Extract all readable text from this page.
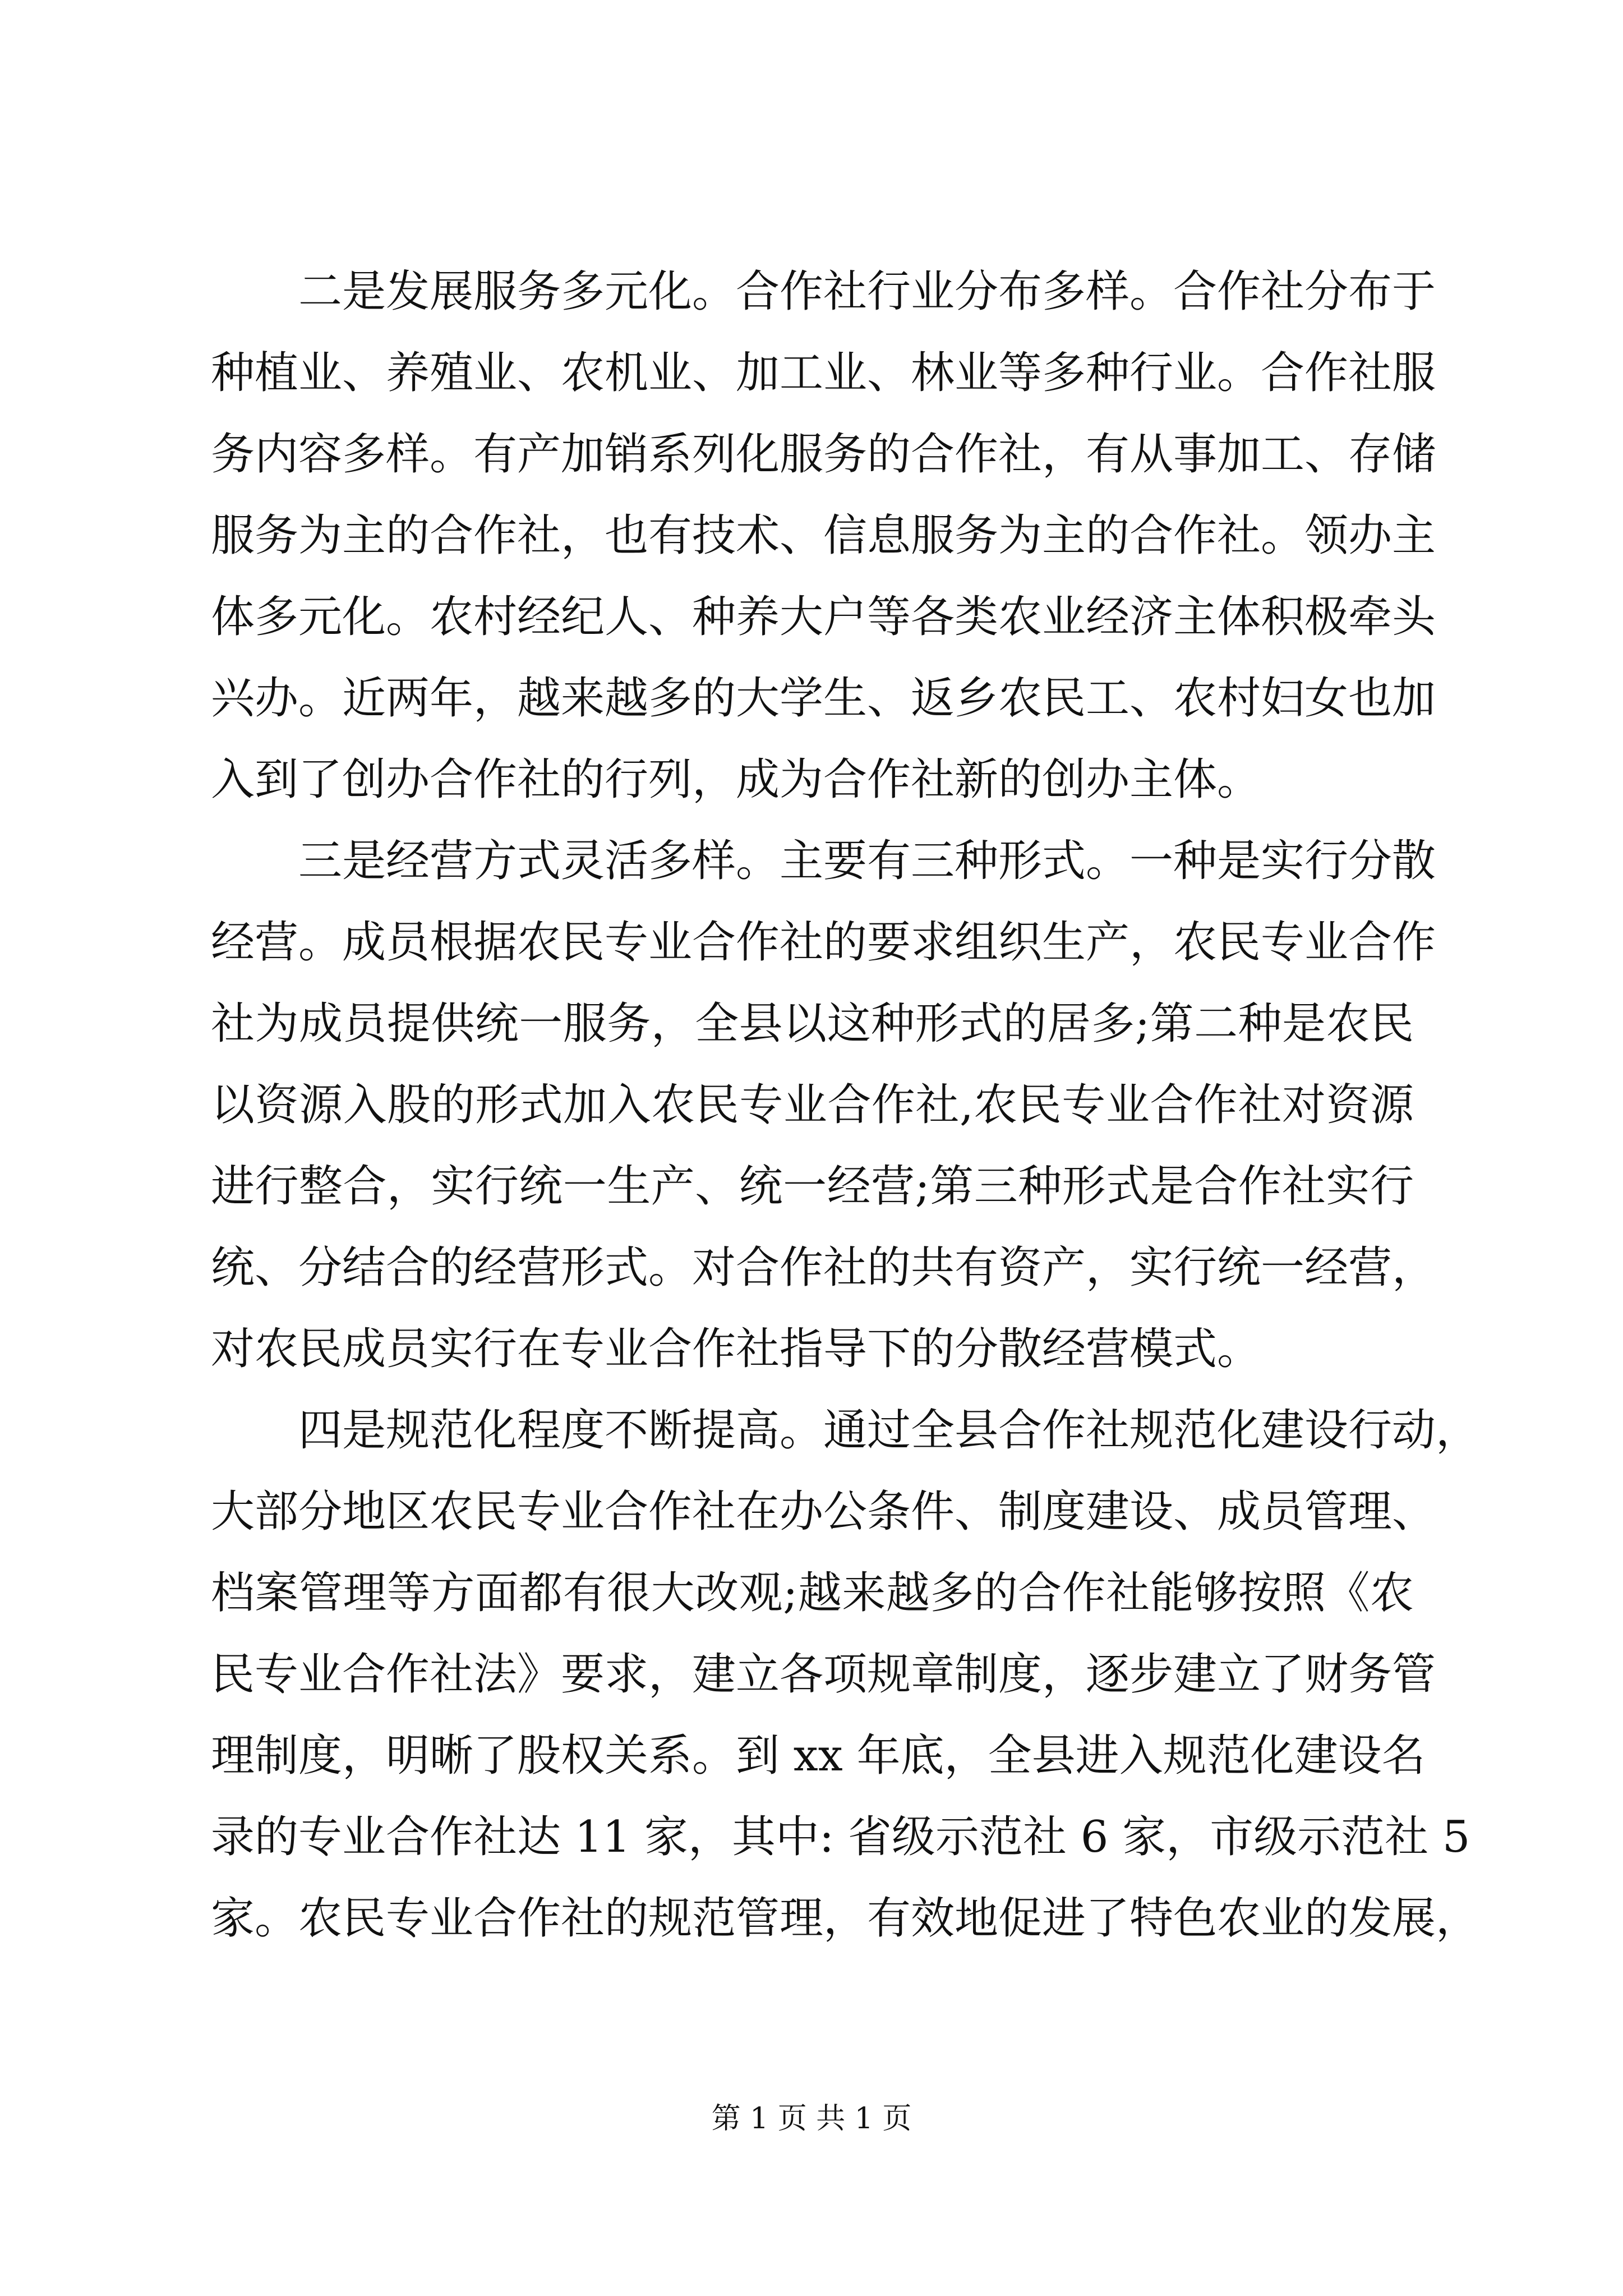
二是发展服务多元化。合作社行业分布多样。合作社分布于
种植业、养殖业、农机业、加工业、林业等多种行业。合作社服
务内容多样。有产加销系列化服务的合作社，有从事加工、存储
服务为主的合作社，也有技术、信息服务为主的合作社。领办主
体多元化。农村经纪人、种养大户等各类农业经济主体积极牵头
兴办。近两年，越来越多的大学生、返乡农民工、农村妇女也加
入到了创办合作社的行列，成为合作社新的创办主体。
三是经营方式灵活多样。主要有三种形式。一种是实行分散
经营。成员根据农民专业合作社的要求组织生产，农民专业合作
社为成员提供统一服务，全县以这种形式的居多;第二种是农民
以资源入股的形式加入农民专业合作社,农民专业合作社对资源
进行整合，实行统一生产、统一经营;第三种形式是合作社实行
统、分结合的经营形式。对合作社的共有资产，实行统一经营，
对农民成员实行在专业合作社指导下的分散经营模式。
四是规范化程度不断提高。通过全县合作社规范化建设行动，
大部分地区农民专业合作社在办公条件、制度建设、成员管理、
档案管理等方面都有很大改观;越来越多的合作社能够按照《农
民专业合作社法》要求，建立各项规章制度，逐步建立了财务管
理制度，明晰了股权关系。到 xx 年底，全县进入规范化建设名
录的专业合作社达 11 家，其中: 省级示范社 6 家，市级示范社 5
家。农民专业合作社的规范管理，有效地促进了特色农业的发展，
第 1 页 共 1 页
